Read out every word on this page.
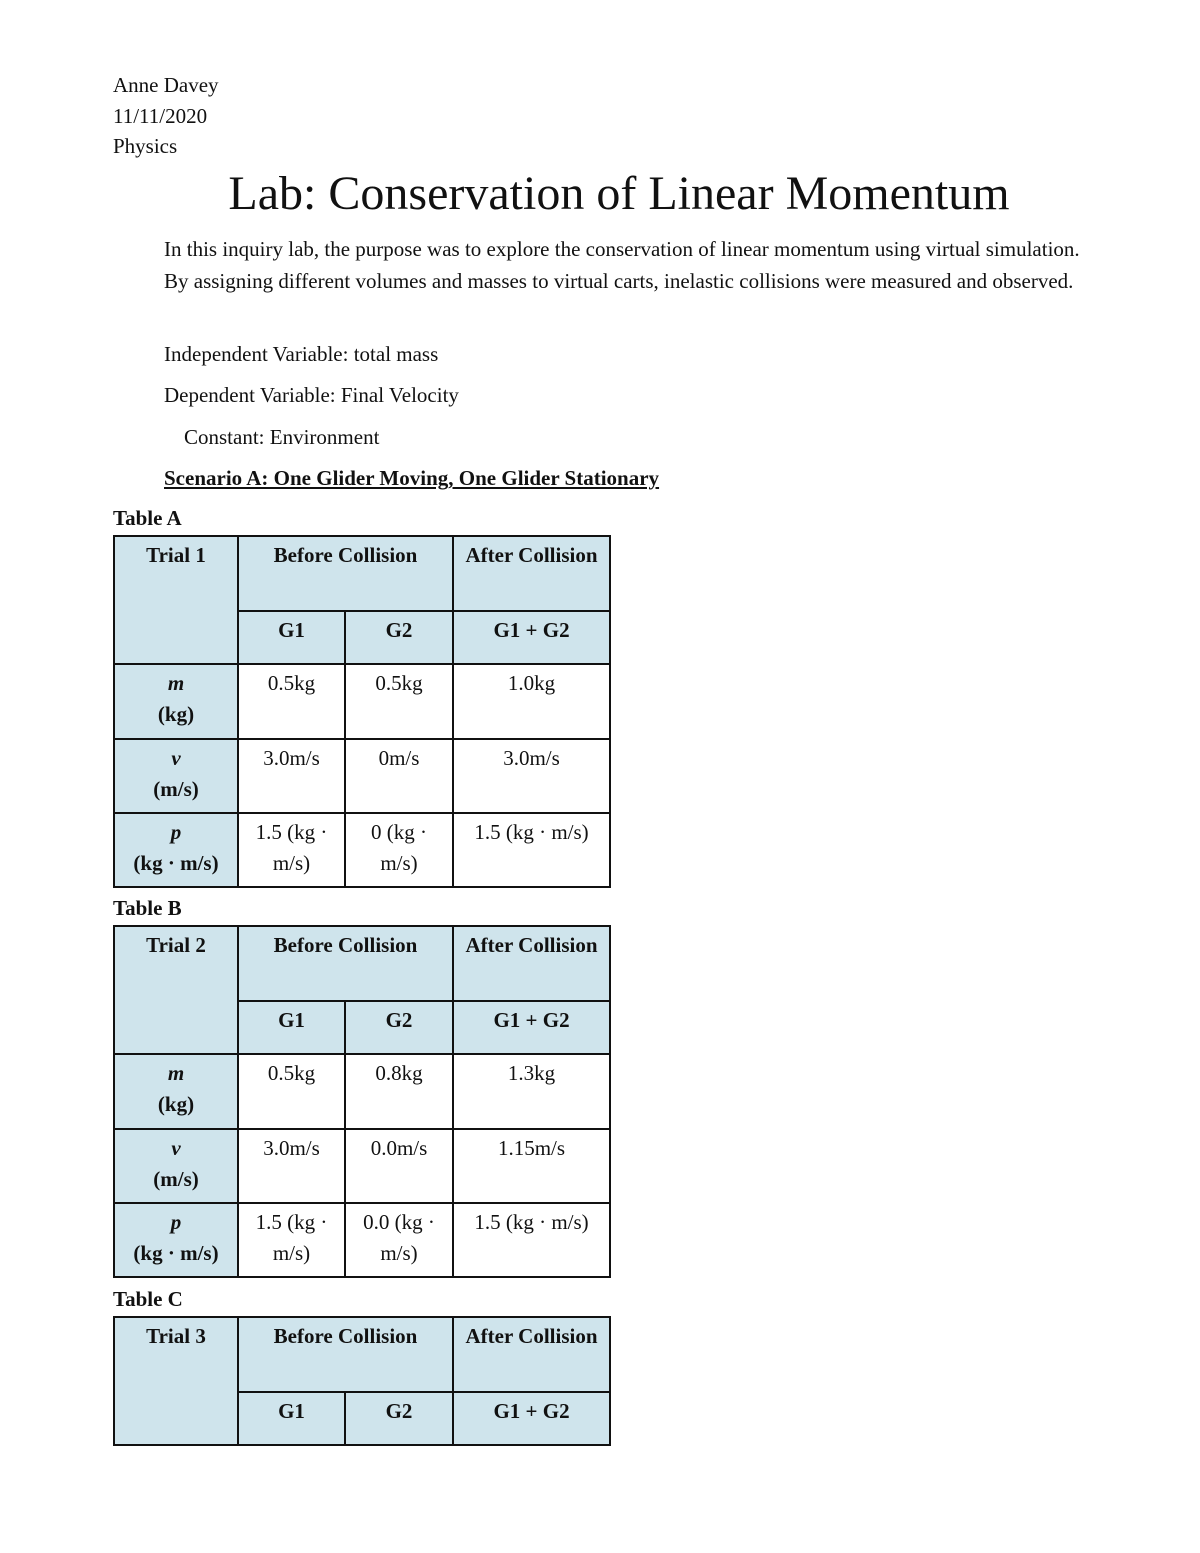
Anne Davey
11/11/2020
Physics
Lab: Conservation of Linear Momentum

In this inquiry lab, the purpose was to explore the conservation of linear momentum using virtual simulation. By assigning different volumes and masses to virtual carts, inelastic collisions were measured and observed.

Independent Variable: total mass
Dependent Variable: Final Velocity
Constant: Environment
Scenario A: One Glider Moving, One Glider Stationary
Table A
Trial 1	Before Collision		After Collision
	G1	G2	G1 + G2

m
(kg)	0.5kg	0.5kg	1.0kg

v
(m/s)	3.0m/s	0m/s	3.0m/s

p
(kg · m/s)	1.5 (kg · m/s)	0 (kg · m/s)	1.5 (kg · m/s)
Table B
Trial 2	Before Collision		After Collision
	G1	G2	G1 + G2

m
(kg)	0.5kg	0.8kg	1.3kg

v
(m/s)	3.0m/s	0.0m/s	1.15m/s

p
(kg · m/s)	1.5 (kg · m/s)	0.0 (kg · m/s)	1.5 (kg · m/s)
Table C
Trial 3	Before Collision		After Collision
	G1	G2	G1 + G2
